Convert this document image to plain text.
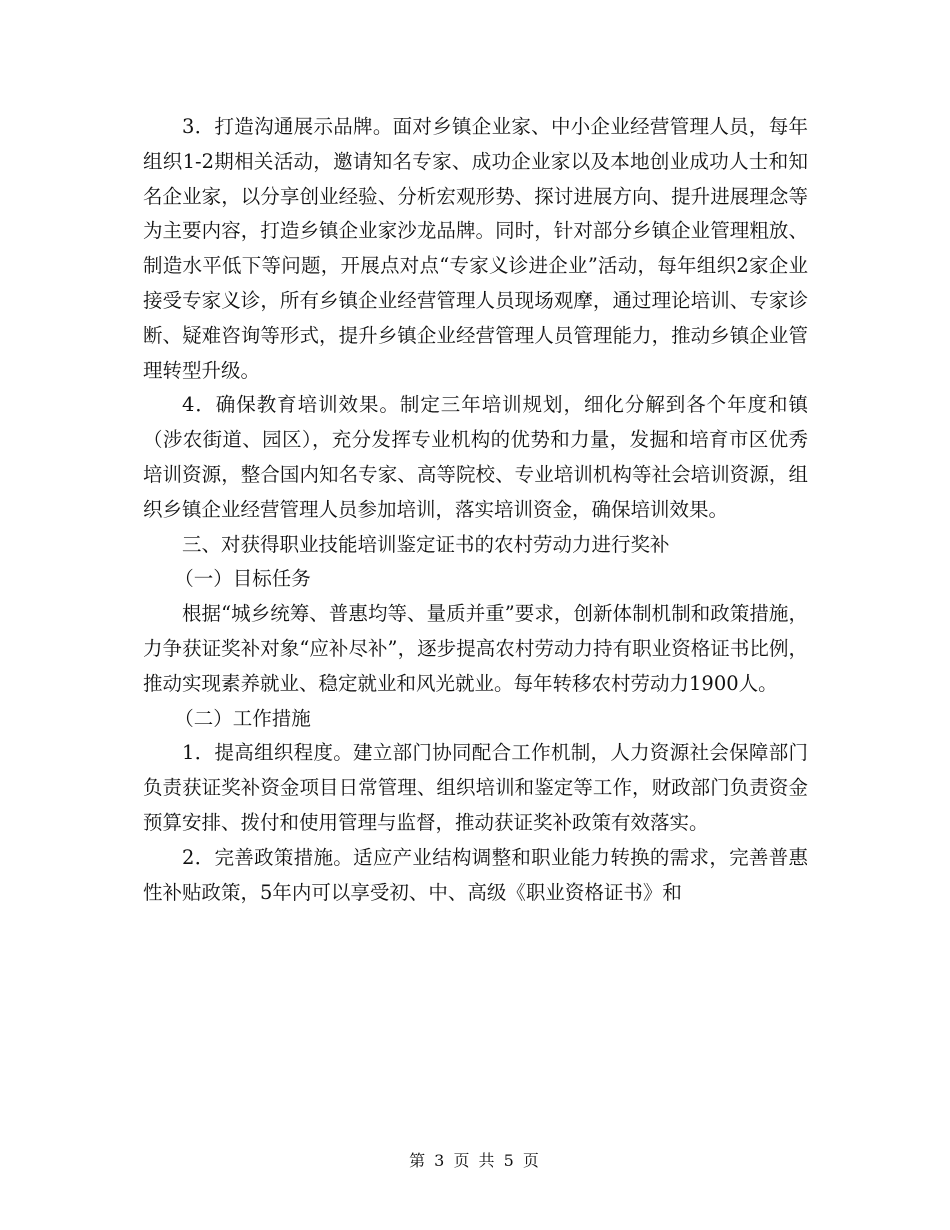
3．打造沟通展示品牌。面对乡镇企业家、中小企业经营管理人员，每年组织1-2期相关活动，邀请知名专家、成功企业家以及本地创业成功人士和知名企业家，以分享创业经验、分析宏观形势、探讨进展方向、提升进展理念等为主要内容，打造乡镇企业家沙龙品牌。同时，针对部分乡镇企业管理粗放、制造水平低下等问题，开展点对点“专家义诊进企业”活动，每年组织2家企业接受专家义诊，所有乡镇企业经营管理人员现场观摩，通过理论培训、专家诊断、疑难咨询等形式，提升乡镇企业经营管理人员管理能力，推动乡镇企业管理转型升级。

4．确保教育培训效果。制定三年培训规划，细化分解到各个年度和镇（涉农街道、园区），充分发挥专业机构的优势和力量，发掘和培育市区优秀培训资源，整合国内知名专家、高等院校、专业培训机构等社会培训资源，组织乡镇企业经营管理人员参加培训，落实培训资金，确保培训效果。

三、对获得职业技能培训鉴定证书的农村劳动力进行奖补

（一）目标任务

根据“城乡统筹、普惠均等、量质并重”要求，创新体制机制和政策措施，力争获证奖补对象“应补尽补”，逐步提高农村劳动力持有职业资格证书比例，推动实现素养就业、稳定就业和风光就业。每年转移农村劳动力1900人。

（二）工作措施

1．提高组织程度。建立部门协同配合工作机制，人力资源社会保障部门负责获证奖补资金项目日常管理、组织培训和鉴定等工作，财政部门负责资金预算安排、拨付和使用管理与监督，推动获证奖补政策有效落实。

2．完善政策措施。适应产业结构调整和职业能力转换的需求，完善普惠性补贴政策，5年内可以享受初、中、高级《职业资格证书》和

第 3 页 共 5 页
